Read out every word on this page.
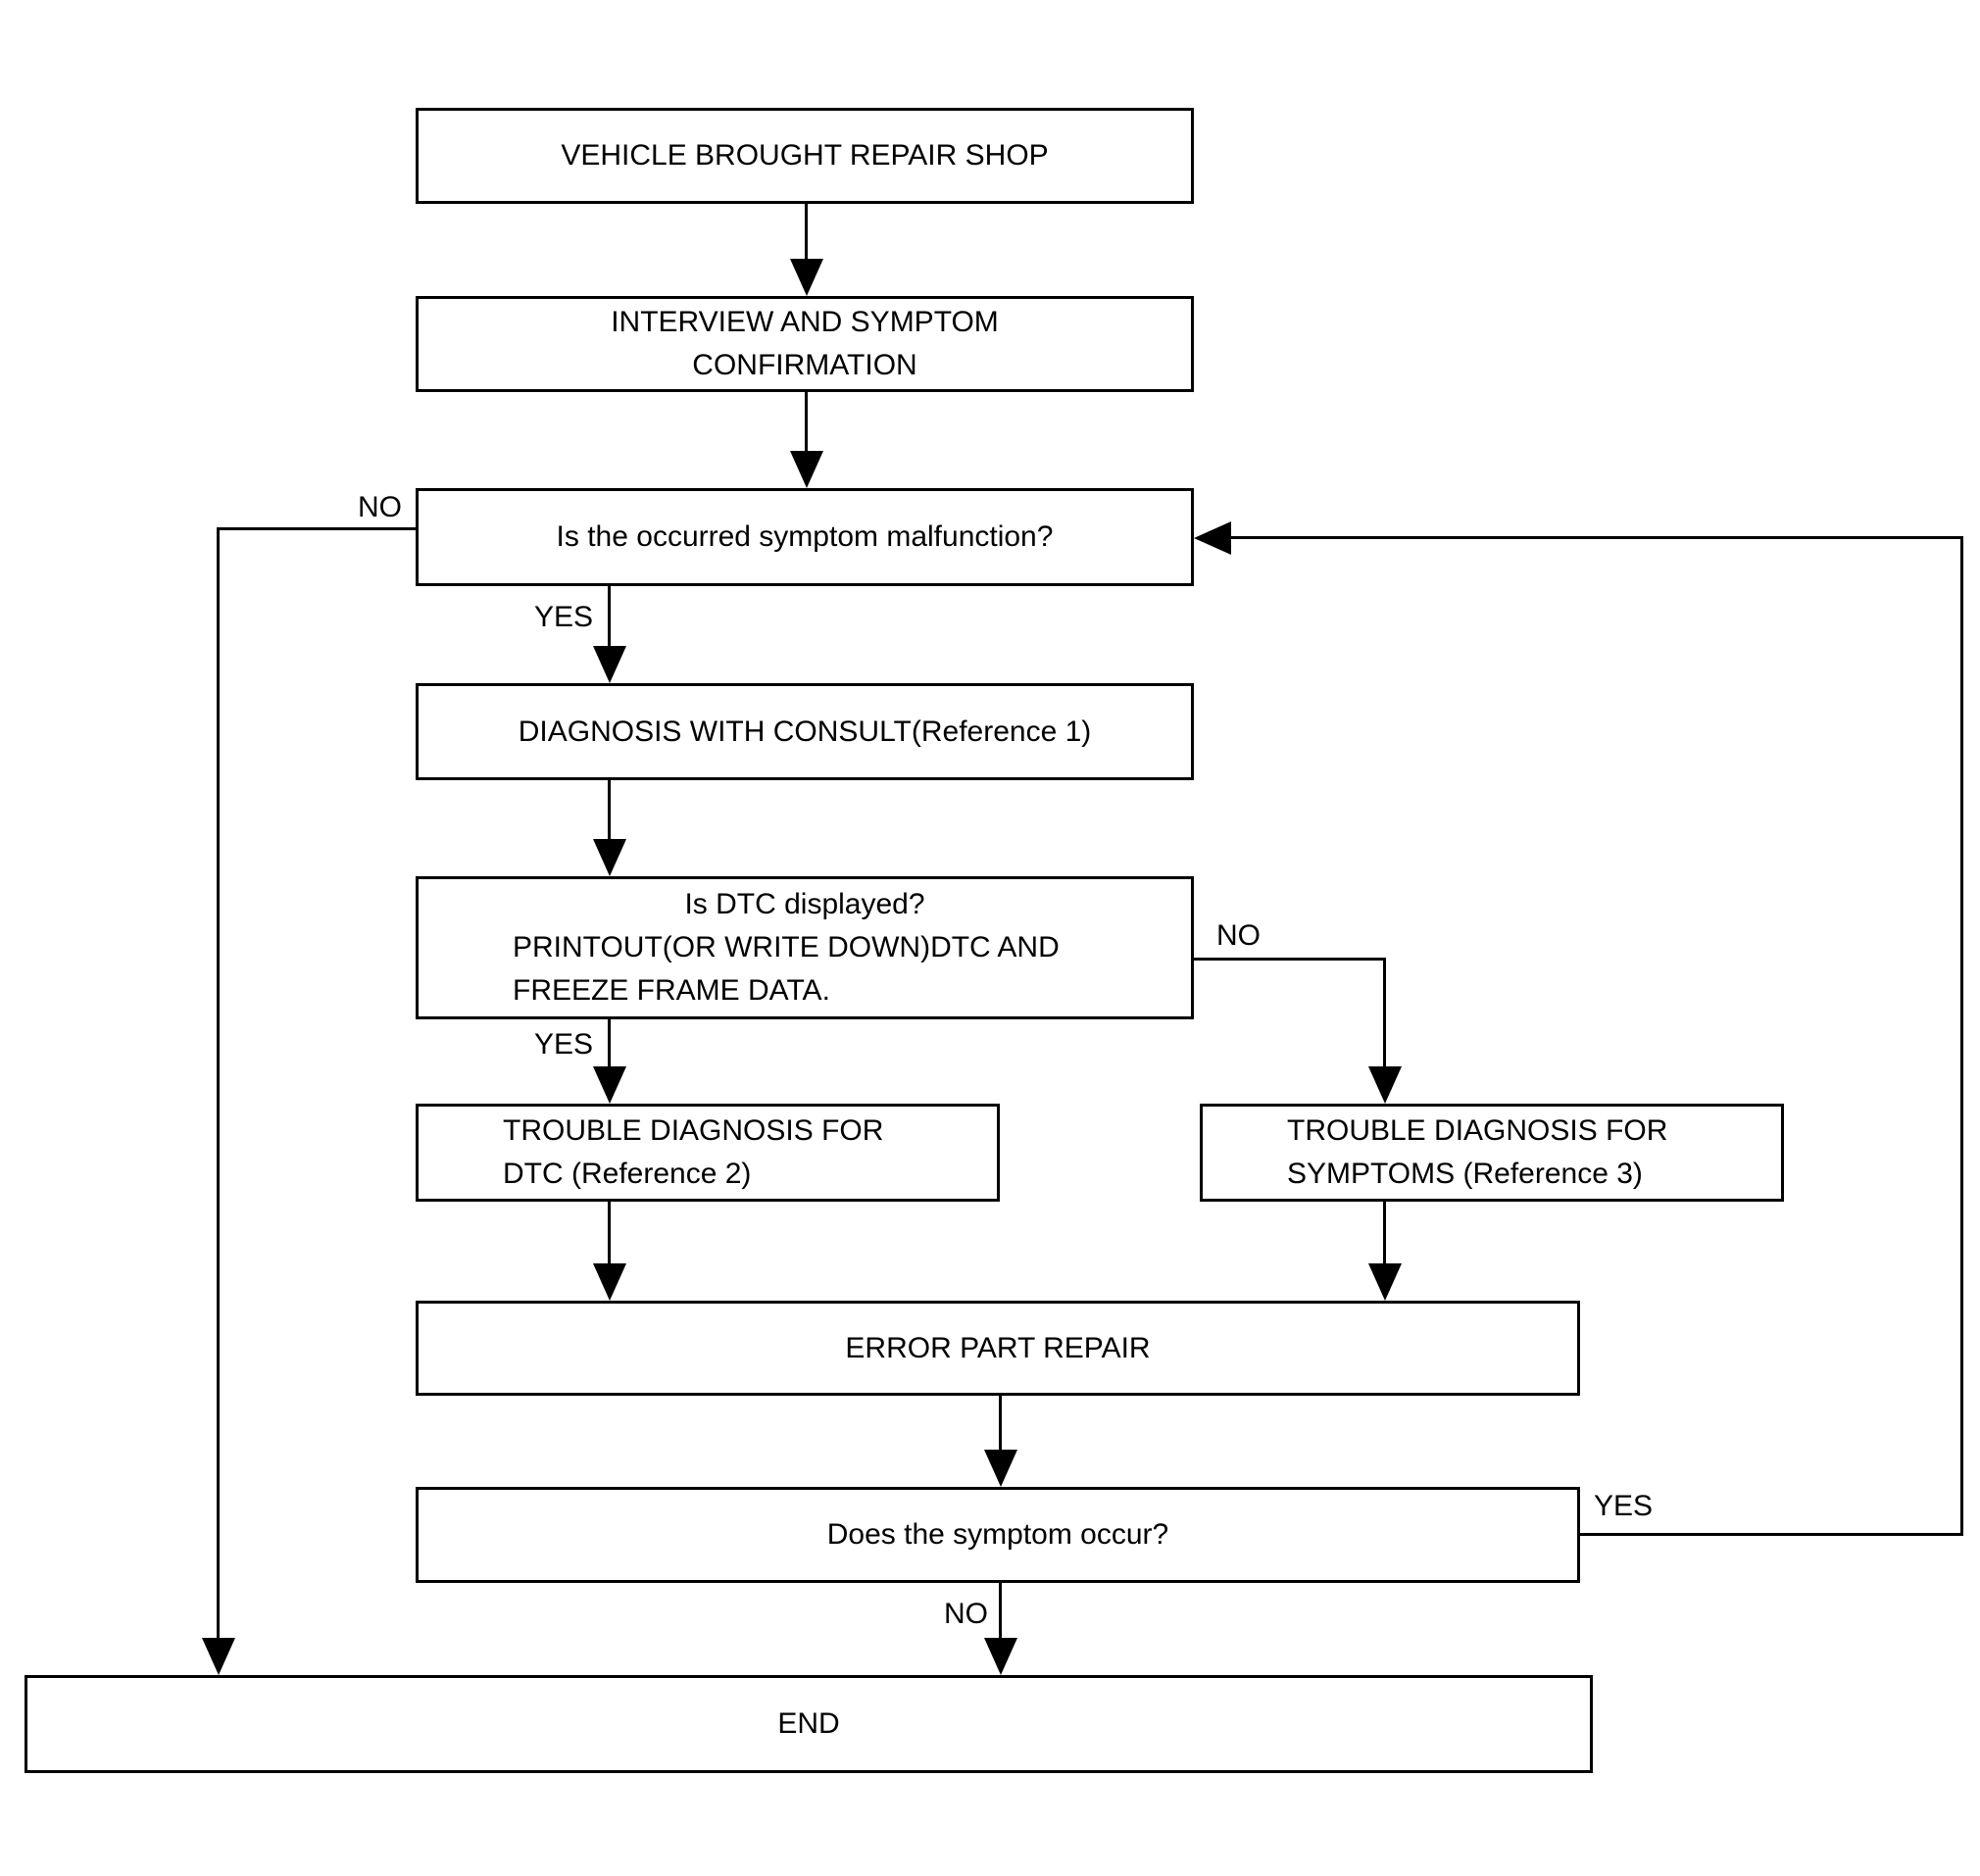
VEHICLE BROUGHT REPAIR SHOP
INTERVIEW AND SYMPTOM
CONFIRMATION
Is the occurred symptom malfunction?
DIAGNOSIS WITH CONSULT(Reference 1)
Is DTC displayed?
PRINTOUT(OR WRITE DOWN)DTC AND
FREEZE FRAME DATA.
TROUBLE DIAGNOSIS FOR
DTC (Reference 2)
TROUBLE DIAGNOSIS FOR
SYMPTOMS (Reference 3)
ERROR PART REPAIR
Does the symptom occur?
END
NO
YES
YES
NO
YES
NO
